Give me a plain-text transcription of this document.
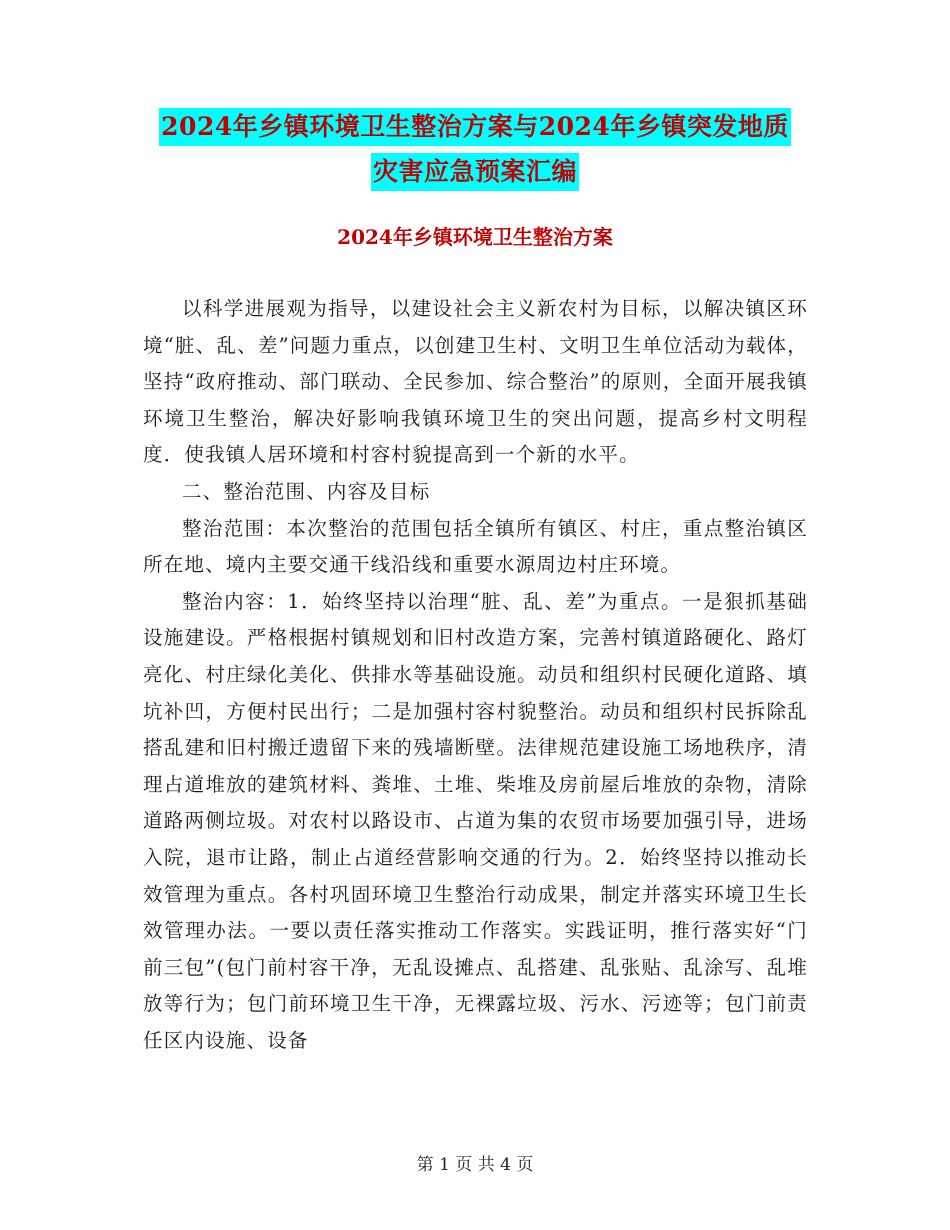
2024年乡镇环境卫生整治方案与2024年乡镇突发地质
灾害应急预案汇编
2024年乡镇环境卫生整治方案

以科学进展观为指导，以建设社会主义新农村为目标，以解决镇区环境“脏、乱、差”问题力重点，以创建卫生村、文明卫生单位活动为载体，坚持“政府推动、部门联动、全民参加、综合整治”的原则，全面开展我镇环境卫生整治，解决好影响我镇环境卫生的突出问题，提高乡村文明程度．使我镇人居环境和村容村貌提高到一个新的水平。

二、整治范围、内容及目标

整治范围：本次整治的范围包括全镇所有镇区、村庄，重点整治镇区所在地、境内主要交通干线沿线和重要水源周边村庄环境。

整治内容：1．始终坚持以治理“脏、乱、差”为重点。一是狠抓基础设施建设。严格根据村镇规划和旧村改造方案，完善村镇道路硬化、路灯亮化、村庄绿化美化、供排水等基础设施。动员和组织村民硬化道路、填坑补凹，方便村民出行；二是加强村容村貌整治。动员和组织村民拆除乱搭乱建和旧村搬迁遗留下来的残墙断壁。法律规范建设施工场地秩序，清理占道堆放的建筑材料、粪堆、土堆、柴堆及房前屋后堆放的杂物，清除道路两侧垃圾。对农村以路设市、占道为集的农贸市场要加强引导，进场入院，退市让路，制止占道经营影响交通的行为。2．始终坚持以推动长效管理为重点。各村巩固环境卫生整治行动成果，制定并落实环境卫生长效管理办法。一要以责任落实推动工作落实。实践证明，推行落实好“门前三包”(包门前村容干净，无乱设摊点、乱搭建、乱张贴、乱涂写、乱堆放等行为；包门前环境卫生干净，无裸露垃圾、污水、污迹等；包门前责任区内设施、设备

第 1 页 共 4 页
